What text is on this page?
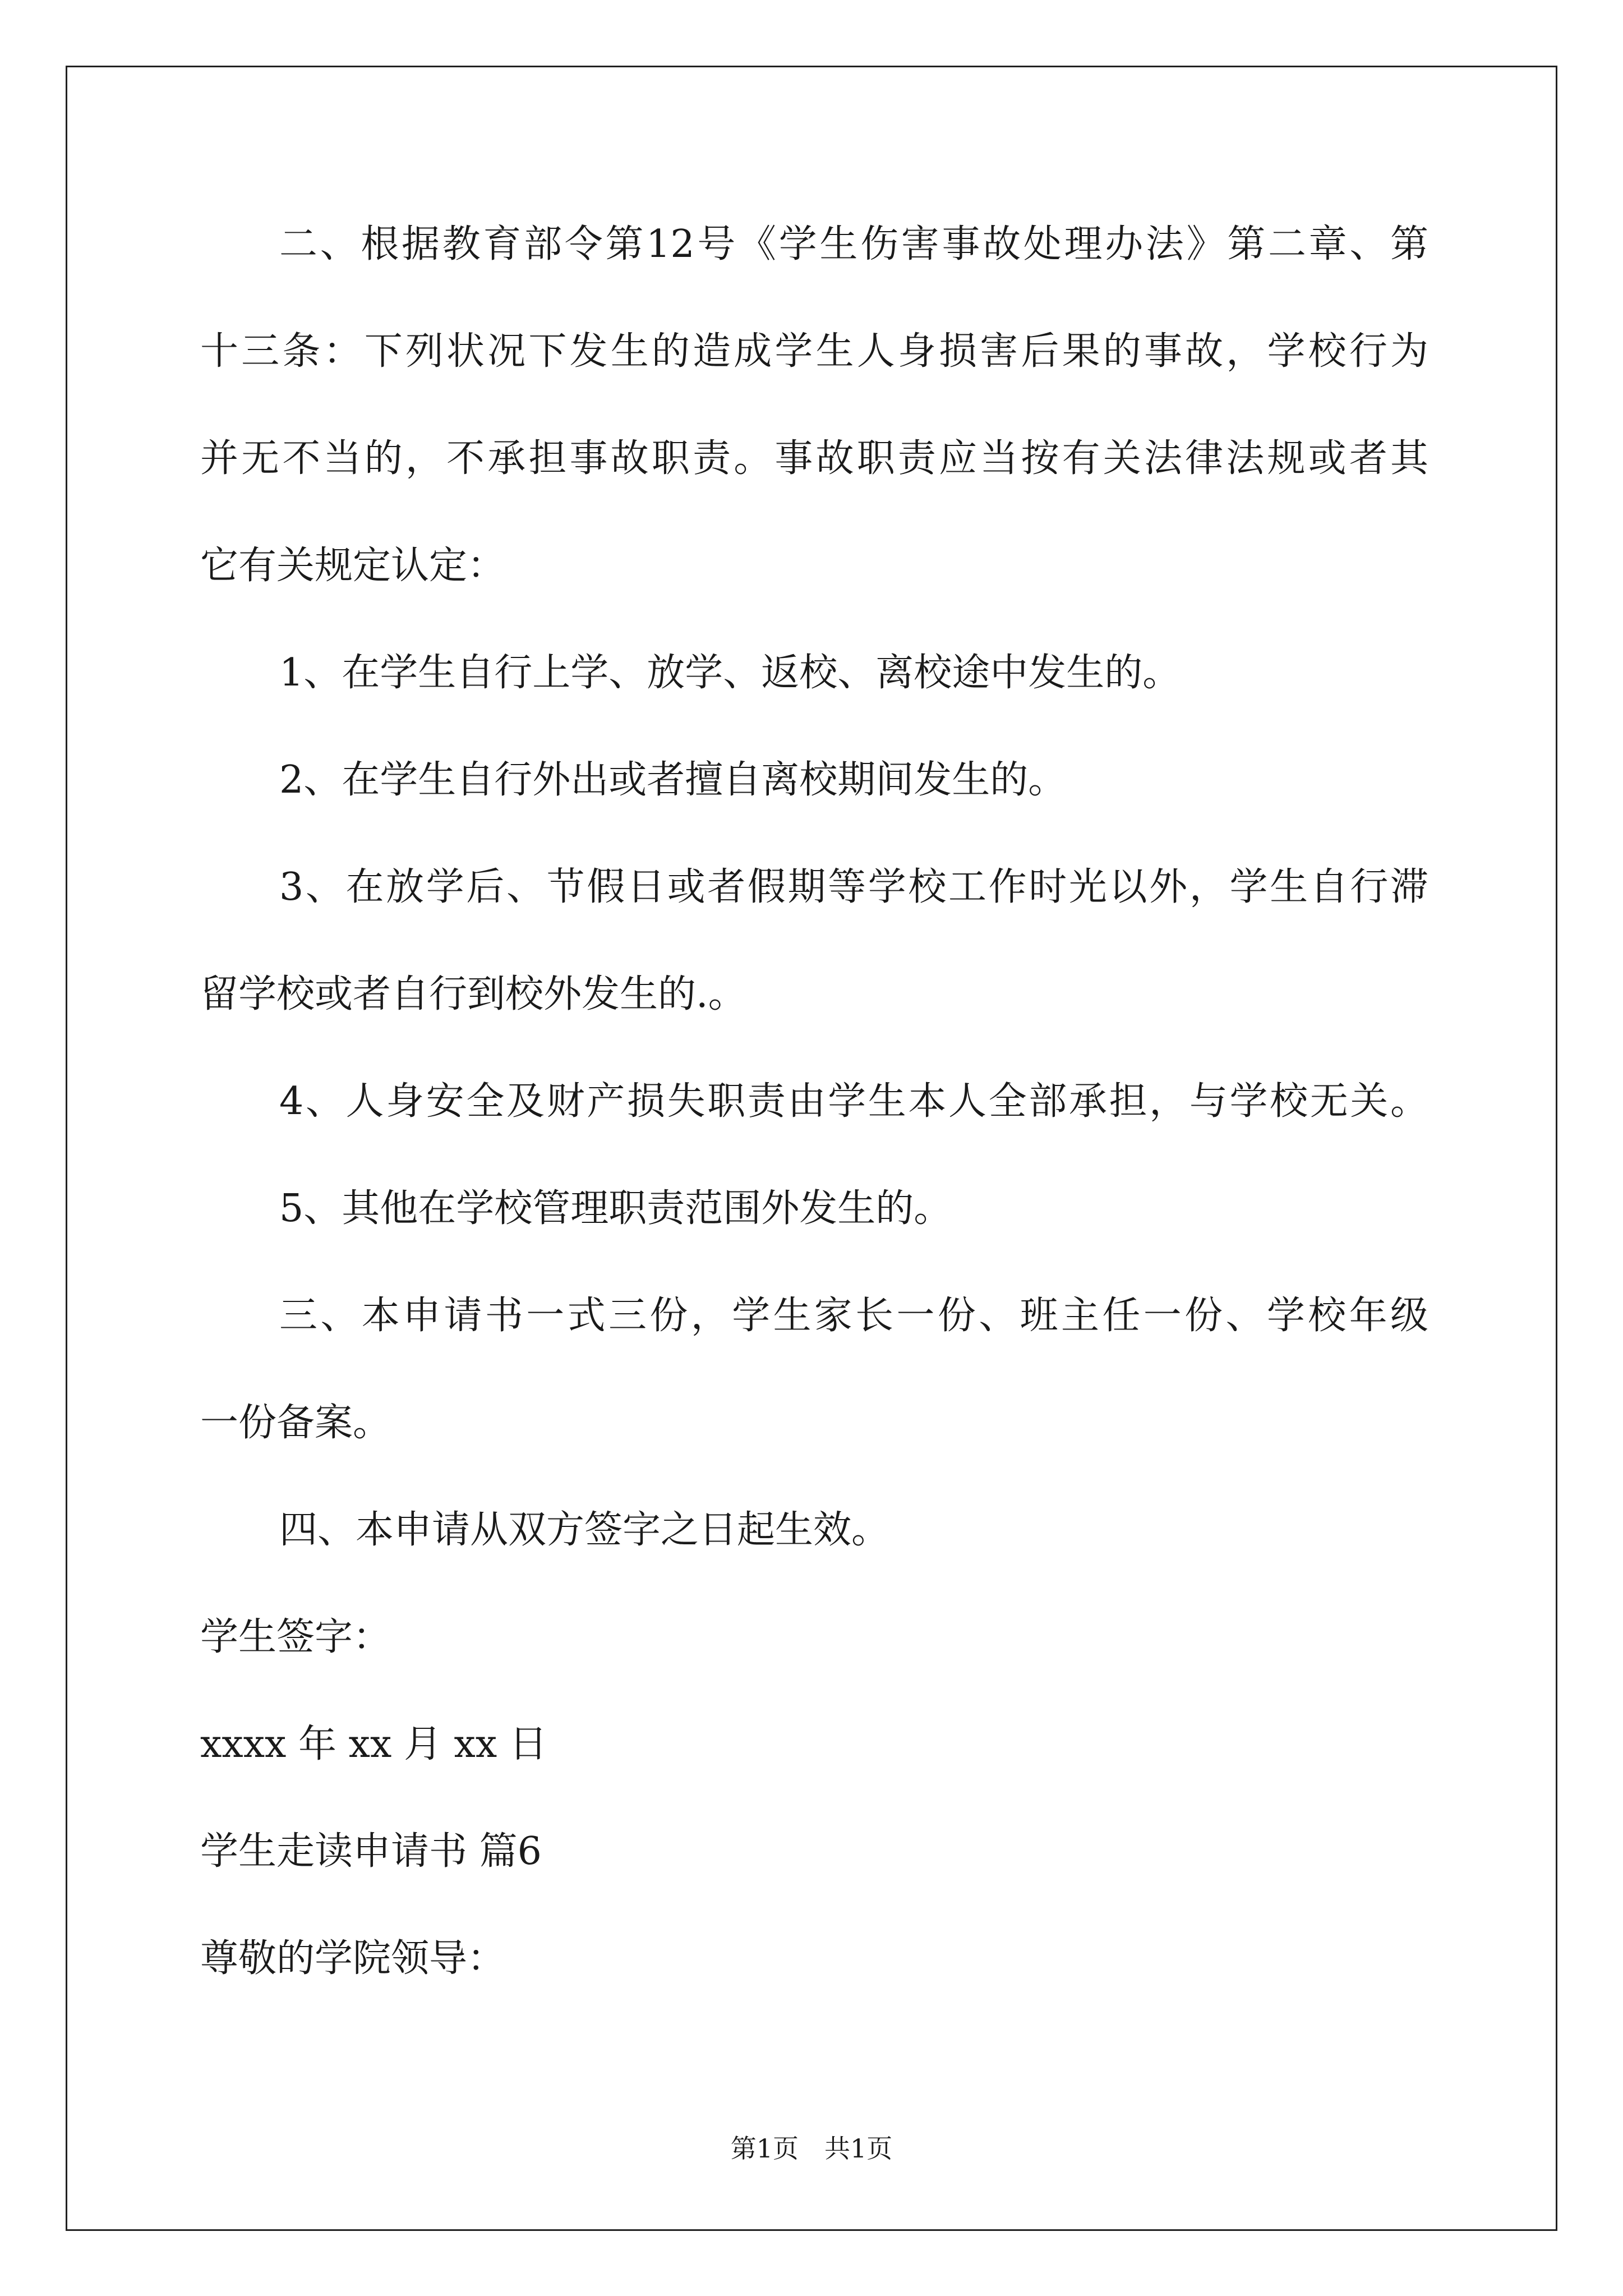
二、根据教育部令第12号《学生伤害事故处理办法》第二章、第

十三条：下列状况下发生的造成学生人身损害后果的事故，学校行为

并无不当的，不承担事故职责。事故职责应当按有关法律法规或者其

它有关规定认定：

1、在学生自行上学、放学、返校、离校途中发生的。

2、在学生自行外出或者擅自离校期间发生的。

3、在放学后、节假日或者假期等学校工作时光以外，学生自行滞

留学校或者自行到校外发生的.。

4、人身安全及财产损失职责由学生本人全部承担，与学校无关。

5、其他在学校管理职责范围外发生的。

三、本申请书一式三份，学生家长一份、班主任一份、学校年级

一份备案。

四、本申请从双方签字之日起生效。

学生签字：

xxxx 年 xx 月 xx 日

学生走读申请书 篇6

尊敬的学院领导：

第1页 共1页
